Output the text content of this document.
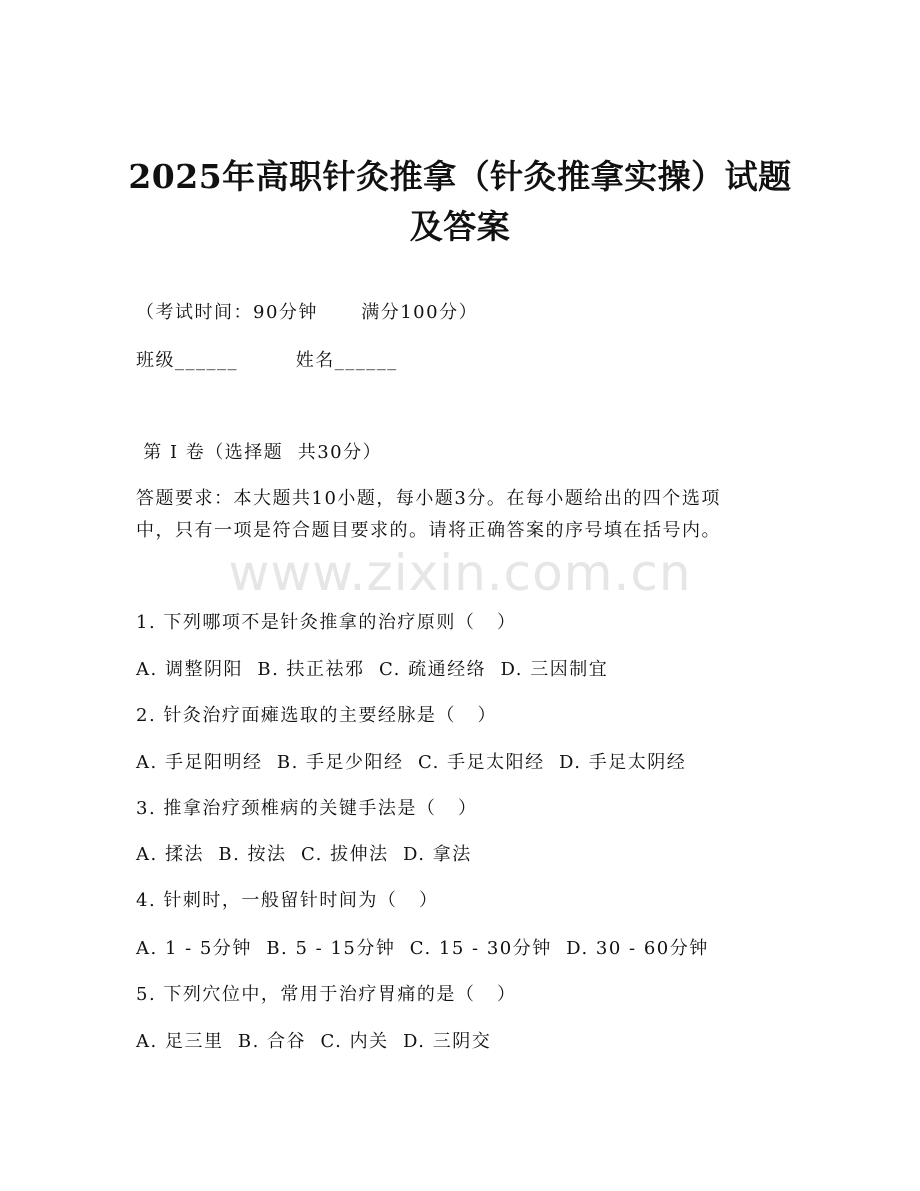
2025年高职针灸推拿（针灸推拿实操）试题
及答案
（考试时间：90分钟      满分100分）
班级______        姓名______
第 I 卷（选择题  共30分）
答题要求：本大题共10小题，每小题3分。在每小题给出的四个选项
中，只有一项是符合题目要求的。请将正确答案的序号填在括号内。
www.zixin.com.cn
1. 下列哪项不是针灸推拿的治疗原则（   ）
A. 调整阴阳  B. 扶正祛邪  C. 疏通经络  D. 三因制宜
2. 针灸治疗面瘫选取的主要经脉是（   ）
A. 手足阳明经  B. 手足少阳经  C. 手足太阳经  D. 手足太阴经
3. 推拿治疗颈椎病的关键手法是（   ）
A. 揉法  B. 按法  C. 拔伸法  D. 拿法
4. 针刺时，一般留针时间为（   ）
A. 1 - 5分钟  B. 5 - 15分钟  C. 15 - 30分钟  D. 30 - 60分钟
5. 下列穴位中，常用于治疗胃痛的是（   ）
A. 足三里  B. 合谷  C. 内关  D. 三阴交
